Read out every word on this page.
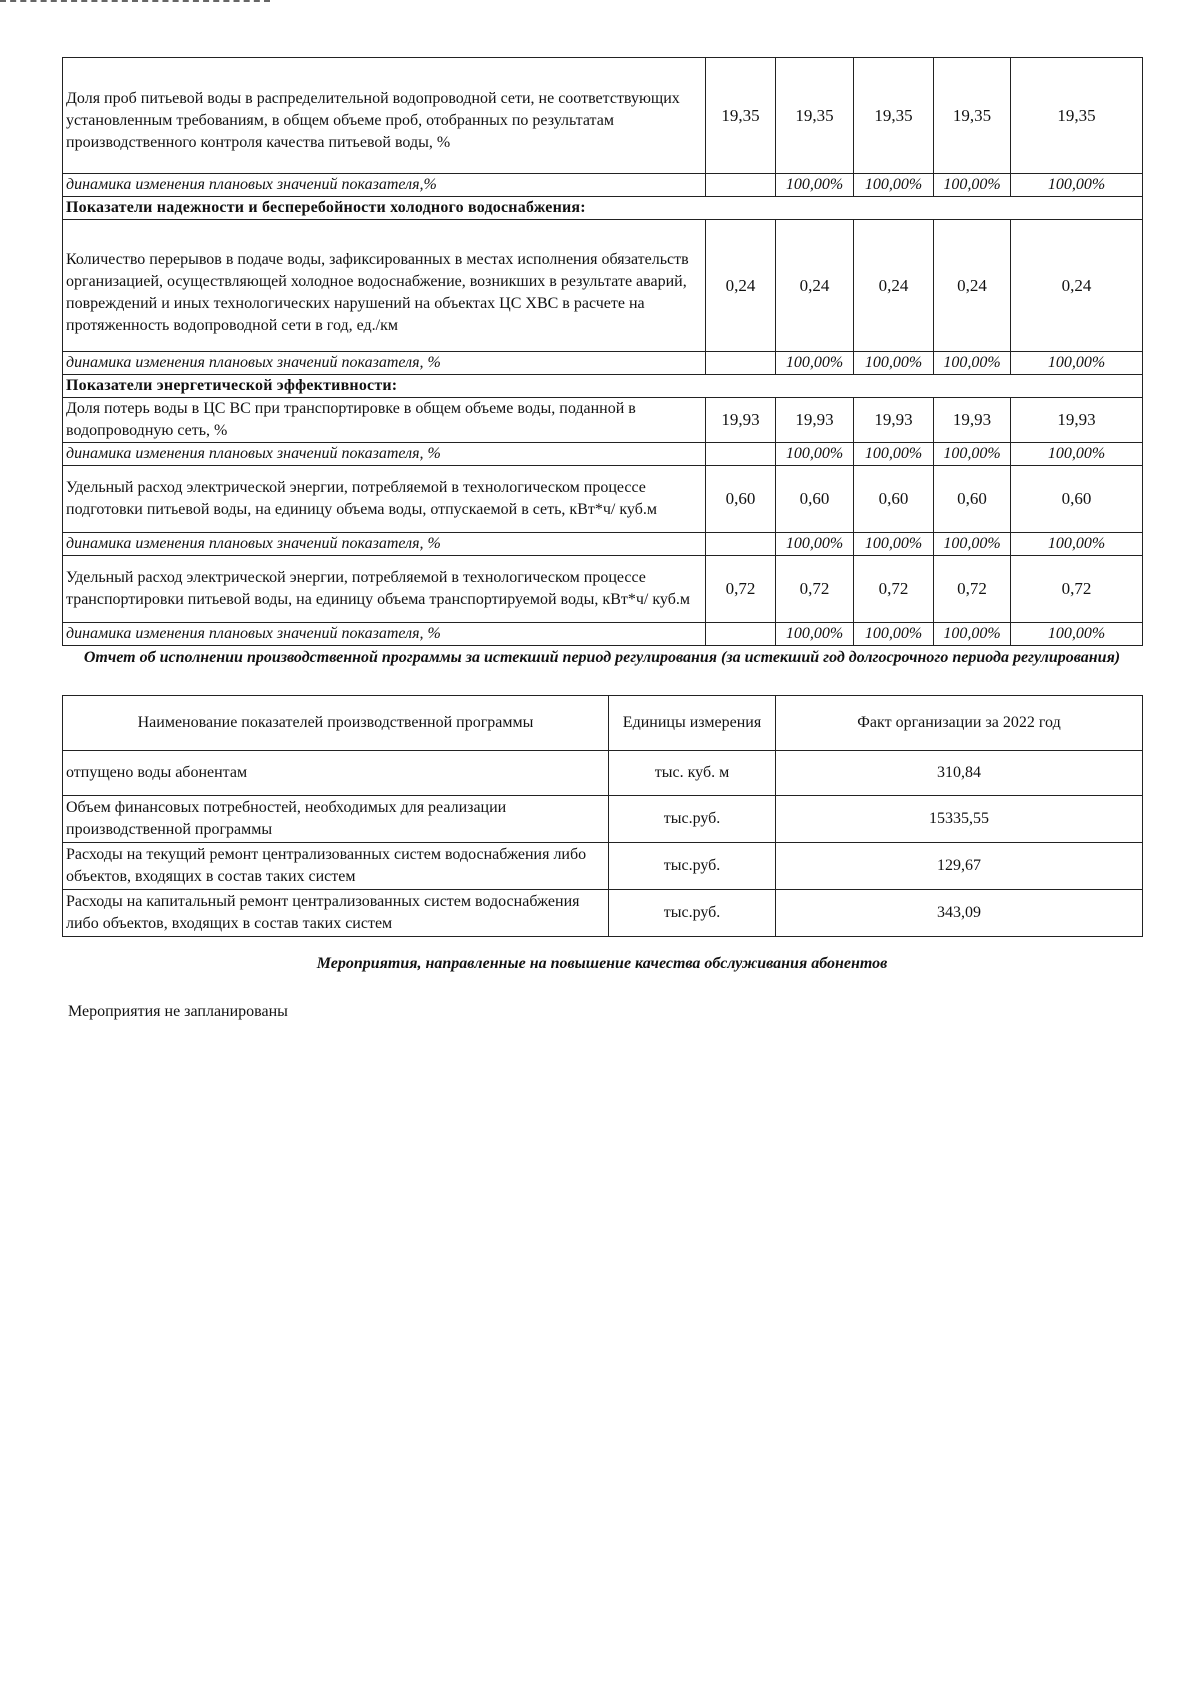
Доля проб питьевой воды в распределительной водопроводной сети, не соответствующих установленным требованиям, в общем объеме проб, отобранных по результатам производственного контроля качества питьевой воды, %	19,35	19,35	19,35	19,35	19,35
динамика изменения плановых значений показателя,%		100,00%	100,00%	100,00%	100,00%
Показатели надежности и бесперебойности холодного водоснабжения:					
Количество перерывов в подаче воды, зафиксированных в местах исполнения обязательств организацией, осуществляющей холодное водоснабжение, возникших в результате аварий, повреждений и иных технологических нарушений на объектах ЦС ХВС в расчете на протяженность водопроводной сети в год, ед./км	0,24	0,24	0,24	0,24	0,24
динамика изменения плановых значений показателя, %		100,00%	100,00%	100,00%	100,00%
Показатели энергетической эффективности:					
Доля потерь воды в ЦС ВС при транспортировке в общем объеме воды, поданной в водопроводную сеть, %	19,93	19,93	19,93	19,93	19,93
динамика изменения плановых значений показателя, %		100,00%	100,00%	100,00%	100,00%
Удельный расход электрической энергии, потребляемой в технологическом процессе подготовки питьевой воды, на единицу объема воды, отпускаемой в сеть, кВт*ч/ куб.м	0,60	0,60	0,60	0,60	0,60
динамика изменения плановых значений показателя, %		100,00%	100,00%	100,00%	100,00%
Удельный расход электрической энергии, потребляемой в технологическом процессе транспортировки питьевой воды, на единицу объема транспортируемой воды, кВт*ч/ куб.м	0,72	0,72	0,72	0,72	0,72
динамика изменения плановых значений показателя, %		100,00%	100,00%	100,00%	100,00%
Отчет об исполнении производственной программы за истекший период регулирования (за истекший год долгосрочного периода регулирования)
Наименование показателей производственной программы	Единицы измерения	Факт организации за 2022 год
отпущено воды абонентам	тыс. куб. м	310,84
Объем финансовых потребностей, необходимых для реализации производственной программы	тыс.руб.	15335,55
Расходы на текущий ремонт централизованных систем водоснабжения либо объектов, входящих в состав таких систем	тыс.руб.	129,67
Расходы на капитальный ремонт централизованных систем водоснабжения либо объектов, входящих в состав таких систем	тыс.руб.	343,09
Мероприятия, направленные на повышение качества обслуживания абонентов
Мероприятия не запланированы
